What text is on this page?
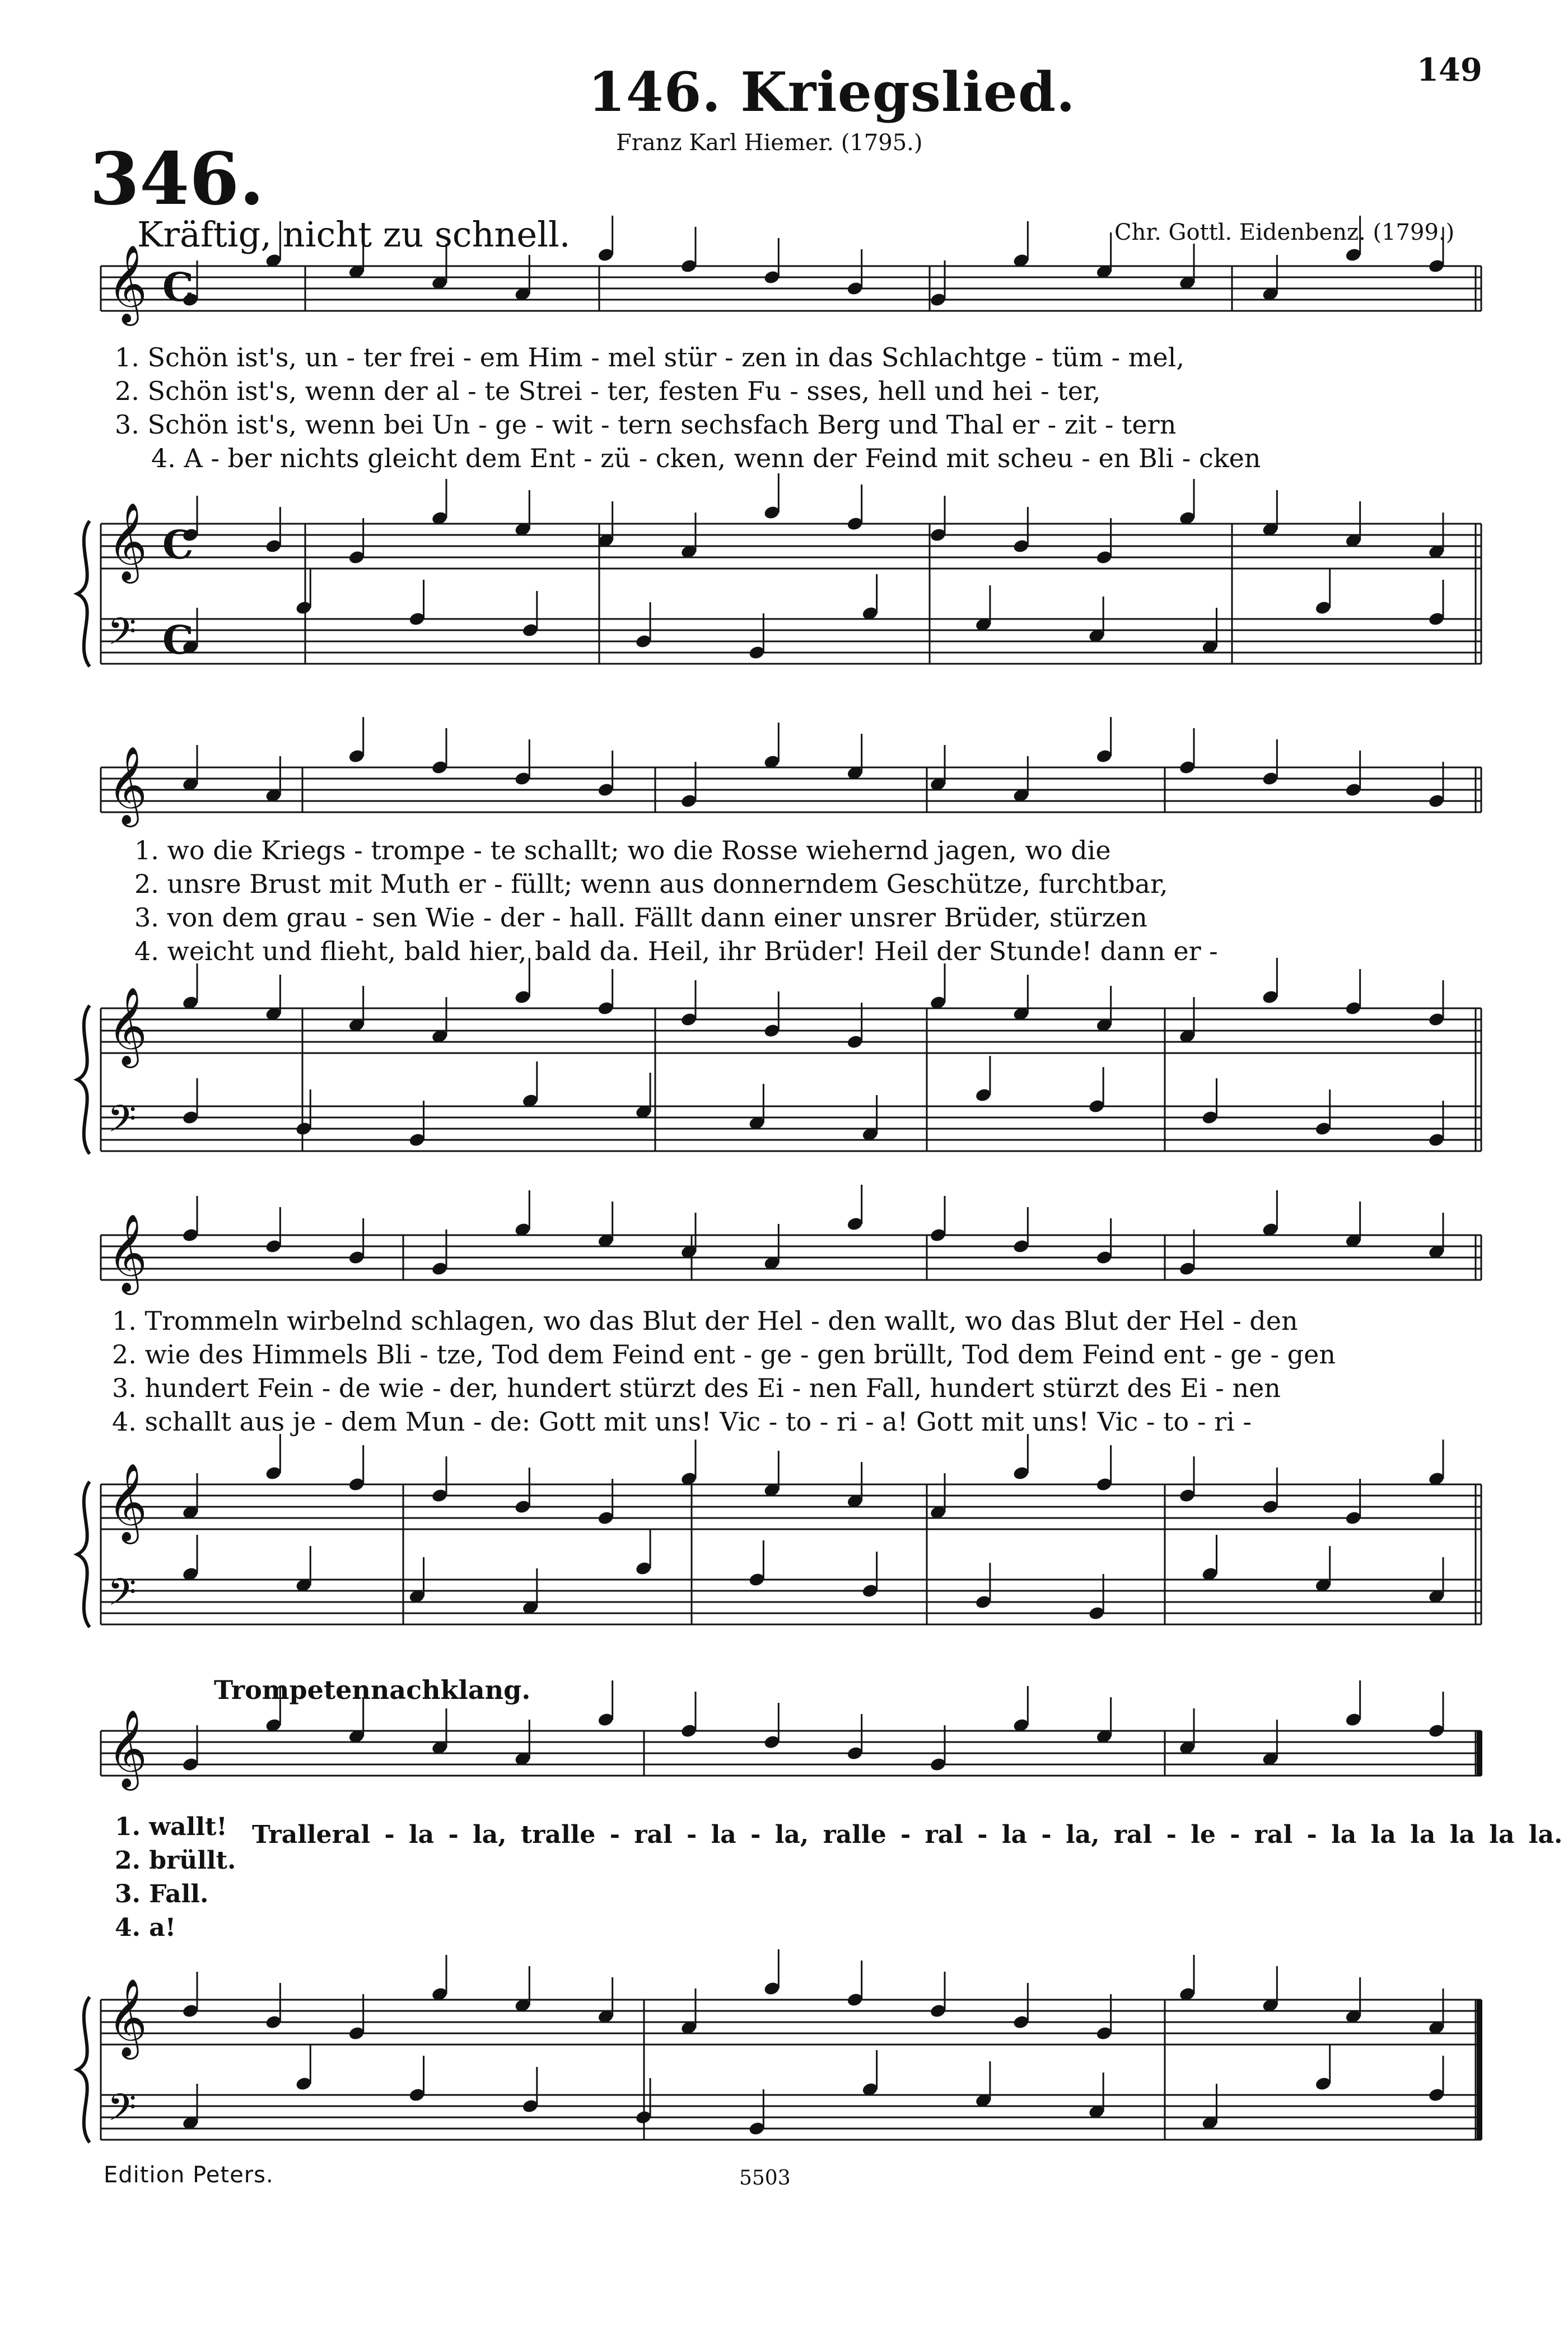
146. Kriegslied.
Franz Karl Hiemer. (1795.)
149
346.
Kräftig, nicht zu schnell.	Chr. Gottl. Eidenbenz. (1799.)
𝄞
𝄞
𝄢
𝄞
𝄞
𝄢
𝄞
𝄞
𝄢
𝄞
𝄞
𝄢
C
C
C
1. Schön ist's, un - ter frei - em Him - mel stür - zen in das Schlachtge - tüm - mel,
2. Schön ist's, wenn der al - te Strei - ter, festen Fu - sses, hell und hei - ter,
3. Schön ist's, wenn bei Un - ge - wit - tern sechsfach Berg und Thal er - zit - tern
4. A - ber nichts gleicht dem Ent - zü - cken, wenn der Feind mit scheu - en Bli - cken
1. wo die Kriegs - trompe - te schallt; wo die Rosse wiehernd jagen, wo die
2. unsre Brust mit Muth er - füllt; wenn aus donnerndem Geschütze, furchtbar,
3. von dem grau - sen Wie - der - hall. Fällt dann einer unsrer Brüder, stürzen
4. weicht und flieht, bald hier, bald da. Heil, ihr Brüder! Heil der Stunde! dann er -
1. Trommeln wirbelnd schlagen, wo das Blut der Hel - den wallt, wo das Blut der Hel - den
2. wie des Himmels Bli - tze, Tod dem Feind ent - ge - gen brüllt, Tod dem Feind ent - ge - gen
3. hundert Fein - de wie - der, hundert stürzt des Ei - nen Fall, hundert stürzt des Ei - nen
4. schallt aus je - dem Mun - de: Gott mit uns! Vic - to - ri - a! Gott mit uns! Vic - to - ri -
Trompetennachklang.
1. wallt!
2. brüllt.
3. Fall.
4. a!
Tralleral - la - la, tralle - ral - la - la, ralle - ral - la - la, ral - le - ral - la la la la la la.
Edition Peters.	5503
